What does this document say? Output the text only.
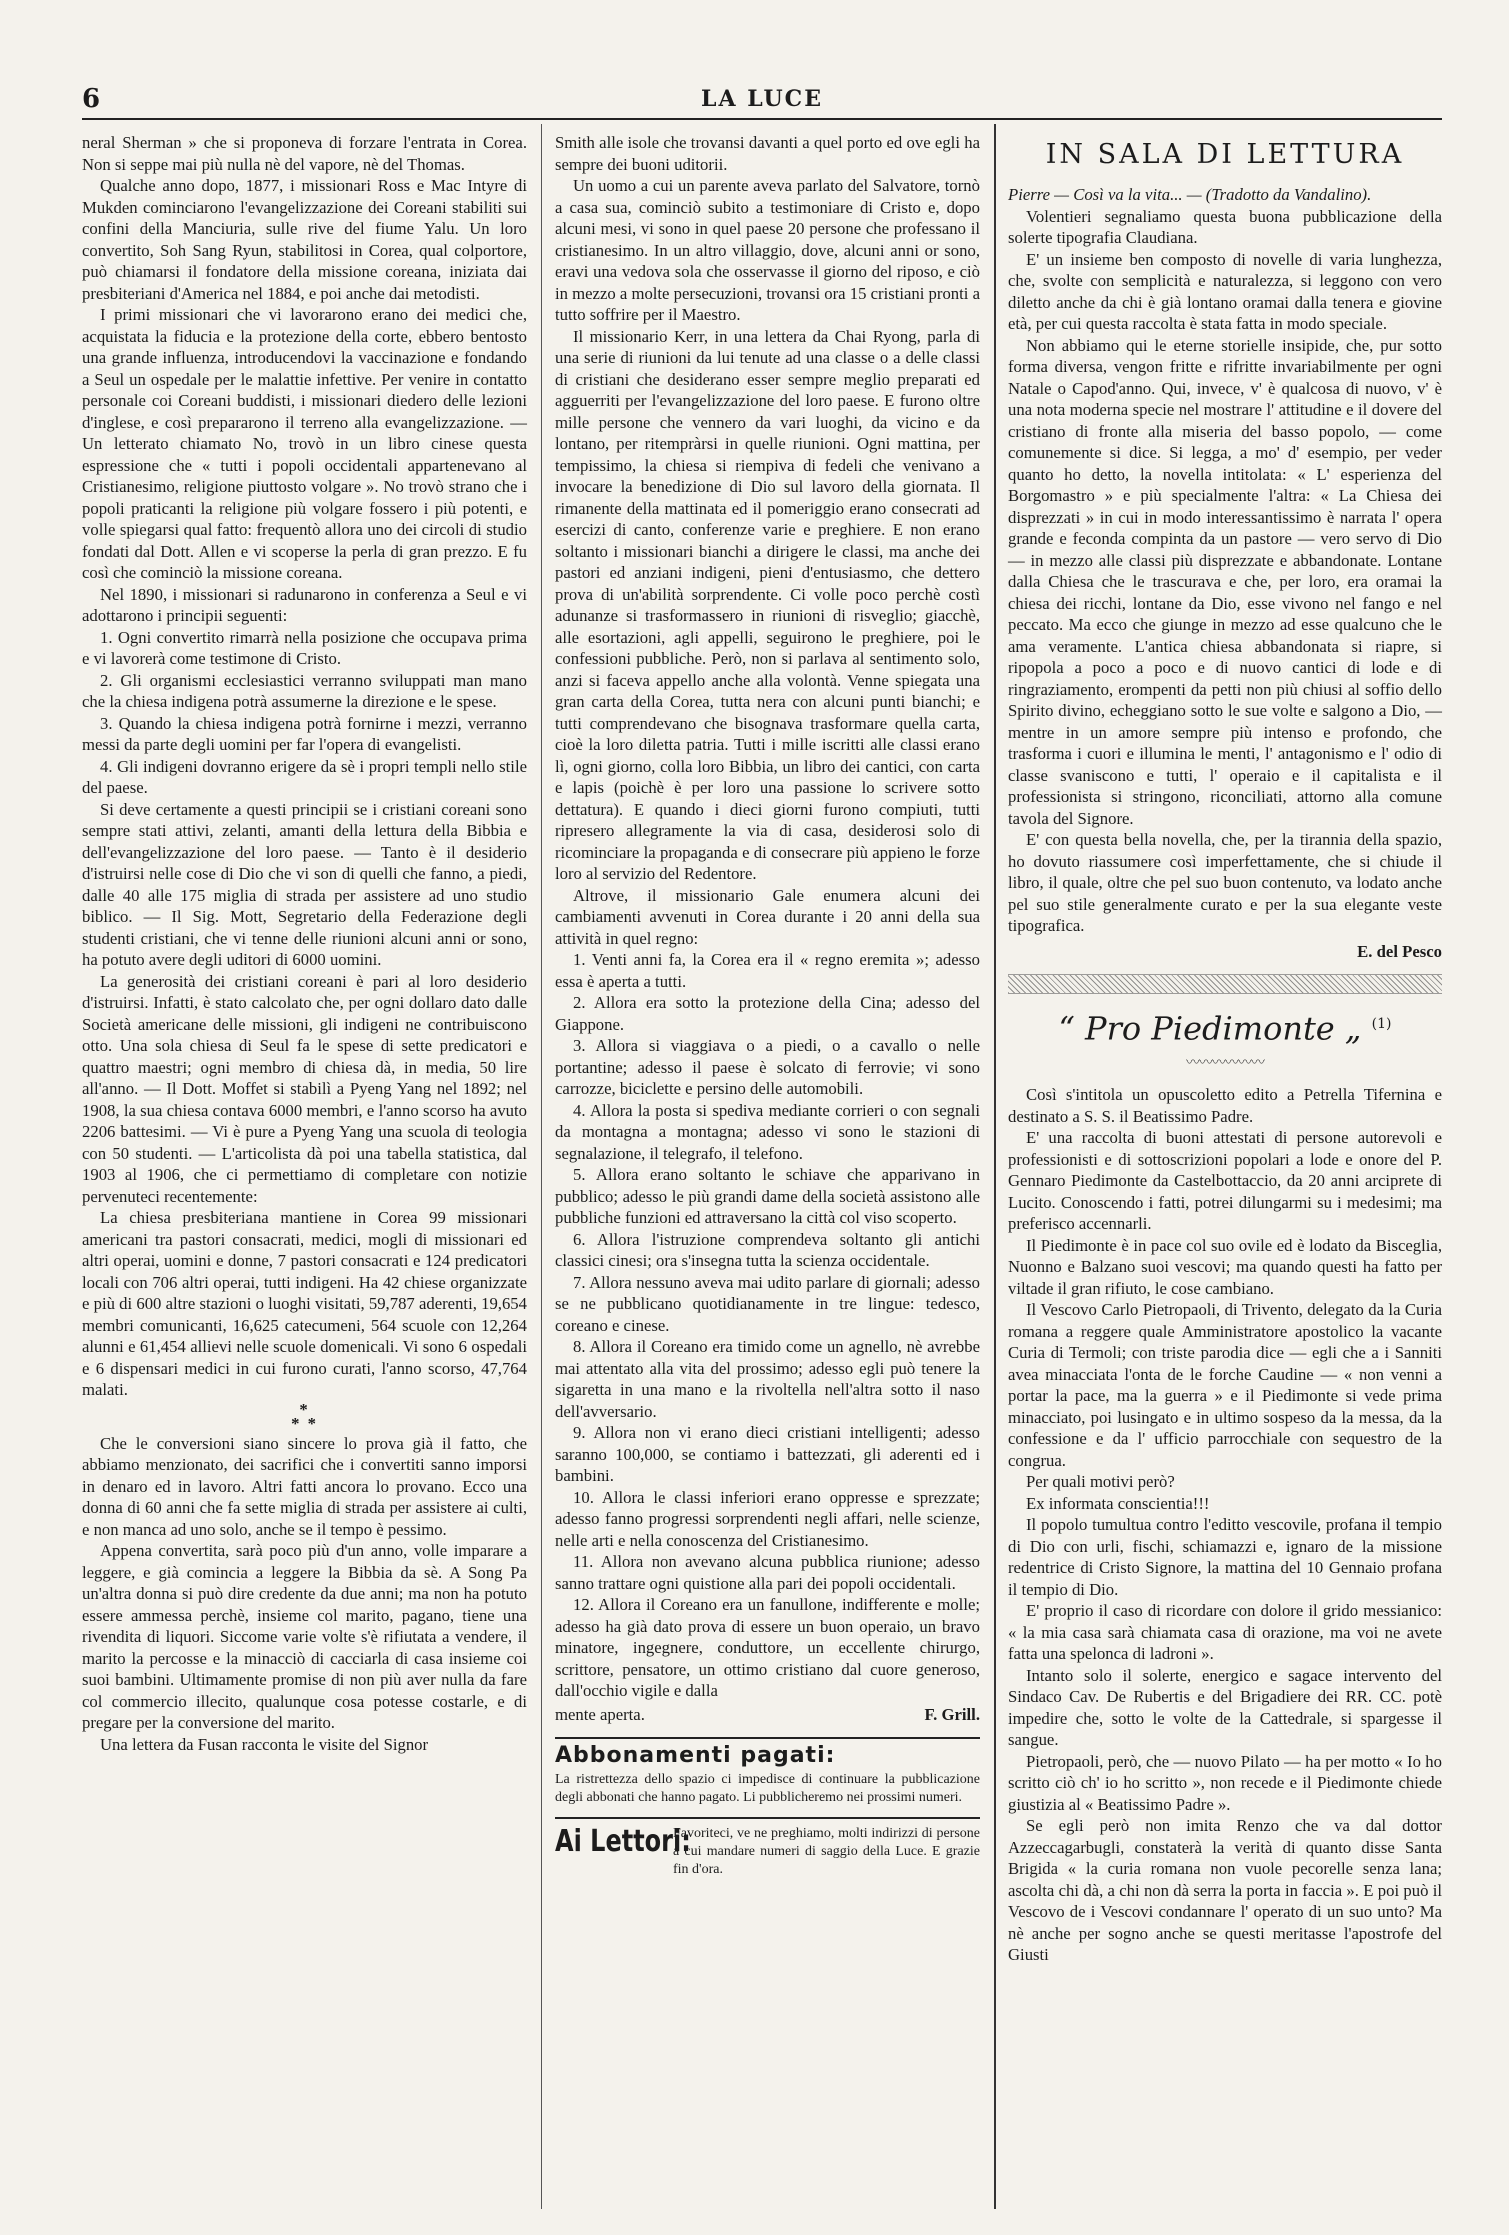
6	LA LUCE

neral Sherman » che si proponeva di forzare l'entrata in Corea. Non si seppe mai più nulla nè del vapore, nè del Thomas.

Qualche anno dopo, 1877, i missionari Ross e Mac Intyre di Mukden cominciarono l'evangelizzazione dei Coreani stabiliti sui confini della Manciuria, sulle rive del fiume Yalu. Un loro convertito, Soh Sang Ryun, stabilitosi in Corea, qual colportore, può chiamarsi il fondatore della missione coreana, iniziata dai presbiteriani d'America nel 1884, e poi anche dai metodisti.

I primi missionari che vi lavorarono erano dei medici che, acquistata la fiducia e la protezione della corte, ebbero bentosto una grande influenza, introducendovi la vaccinazione e fondando a Seul un ospedale per le malattie infettive. Per venire in contatto personale coi Coreani buddisti, i missionari diedero delle lezioni d'inglese, e così prepararono il terreno alla evangelizzazione. — Un letterato chiamato No, trovò in un libro cinese questa espressione che « tutti i popoli occidentali appartenevano al Cristianesimo, religione piuttosto volgare ». No trovò strano che i popoli praticanti la religione più volgare fossero i più potenti, e volle spiegarsi qual fatto: frequentò allora uno dei circoli di studio fondati dal Dott. Allen e vi scoperse la perla di gran prezzo. E fu così che cominciò la missione coreana.

Nel 1890, i missionari si radunarono in conferenza a Seul e vi adottarono i principii seguenti:

1. Ogni convertito rimarrà nella posizione che occupava prima e vi lavorerà come testimone di Cristo.

2. Gli organismi ecclesiastici verranno sviluppati man mano che la chiesa indigena potrà assumerne la direzione e le spese.

3. Quando la chiesa indigena potrà fornirne i mezzi, verranno messi da parte degli uomini per far l'opera di evangelisti.

4. Gli indigeni dovranno erigere da sè i propri templi nello stile del paese.

Si deve certamente a questi principii se i cristiani coreani sono sempre stati attivi, zelanti, amanti della lettura della Bibbia e dell'evangelizzazione del loro paese. — Tanto è il desiderio d'istruirsi nelle cose di Dio che vi son di quelli che fanno, a piedi, dalle 40 alle 175 miglia di strada per assistere ad uno studio biblico. — Il Sig. Mott, Segretario della Federazione degli studenti cristiani, che vi tenne delle riunioni alcuni anni or sono, ha potuto avere degli uditori di 6000 uomini.

La generosità dei cristiani coreani è pari al loro desiderio d'istruirsi. Infatti, è stato calcolato che, per ogni dollaro dato dalle Società americane delle missioni, gli indigeni ne contribuiscono otto. Una sola chiesa di Seul fa le spese di sette predicatori e quattro maestri; ogni membro di chiesa dà, in media, 50 lire all'anno. — Il Dott. Moffet si stabilì a Pyeng Yang nel 1892; nel 1908, la sua chiesa contava 6000 membri, e l'anno scorso ha avuto 2206 battesimi. — Vi è pure a Pyeng Yang una scuola di teologia con 50 studenti. — L'articolista dà poi una tabella statistica, dal 1903 al 1906, che ci permettiamo di completare con notizie pervenuteci recentemente:

La chiesa presbiteriana mantiene in Corea 99 missionari americani tra pastori consacrati, medici, mogli di missionari ed altri operai, uomini e donne, 7 pastori consacrati e 124 predicatori locali con 706 altri operai, tutti indigeni. Ha 42 chiese organizzate e più di 600 altre stazioni o luoghi visitati, 59,787 aderenti, 19,654 membri comunicanti, 16,625 catecumeni, 564 scuole con 12,264 alunni e 61,454 allievi nelle scuole domenicali. Vi sono 6 ospedali e 6 dispensari medici in cui furono curati, l'anno scorso, 47,764 malati.

*
* *

Che le conversioni siano sincere lo prova già il fatto, che abbiamo menzionato, dei sacrifici che i convertiti sanno imporsi in denaro ed in lavoro. Altri fatti ancora lo provano. Ecco una donna di 60 anni che fa sette miglia di strada per assistere ai culti, e non manca ad uno solo, anche se il tempo è pessimo.

Appena convertita, sarà poco più d'un anno, volle imparare a leggere, e già comincia a leggere la Bibbia da sè. A Song Pa un'altra donna si può dire credente da due anni; ma non ha potuto essere ammessa perchè, insieme col marito, pagano, tiene una rivendita di liquori. Siccome varie volte s'è rifiutata a vendere, il marito la percosse e la minacciò di cacciarla di casa insieme coi suoi bambini. Ultimamente promise di non più aver nulla da fare col commercio illecito, qualunque cosa potesse costarle, e di pregare per la conversione del marito.

Una lettera da Fusan racconta le visite del Signor

Smith alle isole che trovansi davanti a quel porto ed ove egli ha sempre dei buoni uditorii.

Un uomo a cui un parente aveva parlato del Salvatore, tornò a casa sua, cominciò subito a testimoniare di Cristo e, dopo alcuni mesi, vi sono in quel paese 20 persone che professano il cristianesimo. In un altro villaggio, dove, alcuni anni or sono, eravi una vedova sola che osservasse il giorno del riposo, e ciò in mezzo a molte persecuzioni, trovansi ora 15 cristiani pronti a tutto soffrire per il Maestro.

Il missionario Kerr, in una lettera da Chai Ryong, parla di una serie di riunioni da lui tenute ad una classe o a delle classi di cristiani che desiderano esser sempre meglio preparati ed agguerriti per l'evangelizzazione del loro paese. E furono oltre mille persone che vennero da vari luoghi, da vicino e da lontano, per ritempràrsi in quelle riunioni. Ogni mattina, per tempissimo, la chiesa si riempiva di fedeli che venivano a invocare la benedizione di Dio sul lavoro della giornata. Il rimanente della mattinata ed il pomeriggio erano consecrati ad esercizi di canto, conferenze varie e preghiere. E non erano soltanto i missionari bianchi a dirigere le classi, ma anche dei pastori ed anziani indigeni, pieni d'entusiasmo, che dettero prova di un'abilità sorprendente. Ci volle poco perchè costì adunanze si trasformassero in riunioni di risveglio; giacchè, alle esortazioni, agli appelli, seguirono le preghiere, poi le confessioni pubbliche. Però, non si parlava al sentimento solo, anzi si faceva appello anche alla volontà. Venne spiegata una gran carta della Corea, tutta nera con alcuni punti bianchi; e tutti comprendevano che bisognava trasformare quella carta, cioè la loro diletta patria. Tutti i mille iscritti alle classi erano lì, ogni giorno, colla loro Bibbia, un libro dei cantici, con carta e lapis (poichè è per loro una passione lo scrivere sotto dettatura). E quando i dieci giorni furono compiuti, tutti ripresero allegramente la via di casa, desiderosi solo di ricominciare la propaganda e di consecrare più appieno le forze loro al servizio del Redentore.

Altrove, il missionario Gale enumera alcuni dei cambiamenti avvenuti in Corea durante i 20 anni della sua attività in quel regno:

1. Venti anni fa, la Corea era il « regno eremita »; adesso essa è aperta a tutti.

2. Allora era sotto la protezione della Cina; adesso del Giappone.

3. Allora si viaggiava o a piedi, o a cavallo o nelle portantine; adesso il paese è solcato di ferrovie; vi sono carrozze, biciclette e persino delle automobili.

4. Allora la posta si spediva mediante corrieri o con segnali da montagna a montagna; adesso vi sono le stazioni di segnalazione, il telegrafo, il telefono.

5. Allora erano soltanto le schiave che apparivano in pubblico; adesso le più grandi dame della società assistono alle pubbliche funzioni ed attraversano la città col viso scoperto.

6. Allora l'istruzione comprendeva soltanto gli antichi classici cinesi; ora s'insegna tutta la scienza occidentale.

7. Allora nessuno aveva mai udito parlare di giornali; adesso se ne pubblicano quotidianamente in tre lingue: tedesco, coreano e cinese.

8. Allora il Coreano era timido come un agnello, nè avrebbe mai attentato alla vita del prossimo; adesso egli può tenere la sigaretta in una mano e la rivoltella nell'altra sotto il naso dell'avversario.

9. Allora non vi erano dieci cristiani intelligenti; adesso saranno 100,000, se contiamo i battezzati, gli aderenti ed i bambini.

10. Allora le classi inferiori erano oppresse e sprezzate; adesso fanno progressi sorprendenti negli affari, nelle scienze, nelle arti e nella conoscenza del Cristianesimo.

11. Allora non avevano alcuna pubblica riunione; adesso sanno trattare ogni quistione alla pari dei popoli occidentali.

12. Allora il Coreano era un fanullone, indifferente e molle; adesso ha già dato prova di essere un buon operaio, un bravo minatore, ingegnere, conduttore, un eccellente chirurgo, scrittore, pensatore, un ottimo cristiano dal cuore generoso, dall'occhio vigile e dalla

mente aperta.	F. Grill.
Abbonamenti pagati:

La ristrettezza dello spazio ci impedisce di continuare la pubblicazione degli abbonati che hanno pagato. Li pubblicheremo nei prossimi numeri.

Ai Lettori:

Favoriteci, ve ne preghiamo, molti indirizzi di persone a cui mandare numeri di saggio della Luce. E grazie fin d'ora.

IN SALA DI LETTURA

Pierre — Così va la vita... — (Tradotto da Vandalino).

Volentieri segnaliamo questa buona pubblicazione della solerte tipografia Claudiana.

E' un insieme ben composto di novelle di varia lunghezza, che, svolte con semplicità e naturalezza, si leggono con vero diletto anche da chi è già lontano oramai dalla tenera e giovine età, per cui questa raccolta è stata fatta in modo speciale.

Non abbiamo qui le eterne storielle insipide, che, pur sotto forma diversa, vengon fritte e rifritte invariabilmente per ogni Natale o Capod'anno. Qui, invece, v' è qualcosa di nuovo, v' è una nota moderna specie nel mostrare l' attitudine e il dovere del cristiano di fronte alla miseria del basso popolo, — come comunemente si dice. Si legga, a mo' d' esempio, per veder quanto ho detto, la novella intitolata: « L' esperienza del Borgomastro » e più specialmente l'altra: « La Chiesa dei disprezzati » in cui in modo interessantissimo è narrata l' opera grande e feconda compinta da un pastore — vero servo di Dio — in mezzo alle classi più disprezzate e abbandonate. Lontane dalla Chiesa che le trascurava e che, per loro, era oramai la chiesa dei ricchi, lontane da Dio, esse vivono nel fango e nel peccato. Ma ecco che giunge in mezzo ad esse qualcuno che le ama veramente. L'antica chiesa abbandonata si riapre, si ripopola a poco a poco e di nuovo cantici di lode e di ringraziamento, erompenti da petti non più chiusi al soffio dello Spirito divino, echeggiano sotto le sue volte e salgono a Dio, — mentre in un amore sempre più intenso e profondo, che trasforma i cuori e illumina le menti, l' antagonismo e l' odio di classe svaniscono e tutti, l' operaio e il capitalista e il professionista si stringono, riconciliati, attorno alla comune tavola del Signore.

E' con questa bella novella, che, per la tirannia della spazio, ho dovuto riassumere così imperfettamente, che si chiude il libro, il quale, oltre che pel suo buon contenuto, va lodato anche pel suo stile generalmente curato e per la sua elegante veste tipografica.

E. del Pesco
“ Pro Piedimonte „ $^{(1)}$
〰〰〰〰〰〰

Così s'intitola un opuscoletto edito a Petrella Tifernina e destinato a S. S. il Beatissimo Padre.

E' una raccolta di buoni attestati di persone autorevoli e professionisti e di sottoscrizioni popolari a lode e onore del P. Gennaro Piedimonte da Castelbottaccio, da 20 anni arciprete di Lucito. Conoscendo i fatti, potrei dilungarmi su i medesimi; ma preferisco accennarli.

Il Piedimonte è in pace col suo ovile ed è lodato da Bisceglia, Nuonno e Balzano suoi vescovi; ma quando questi ha fatto per viltade il gran rifiuto, le cose cambiano.

Il Vescovo Carlo Pietropaoli, di Trivento, delegato da la Curia romana a reggere quale Amministratore apostolico la vacante Curia di Termoli; con triste parodia dice — egli che a i Sanniti avea minacciata l'onta de le forche Caudine — « non venni a portar la pace, ma la guerra » e il Piedimonte si vede prima minacciato, poi lusingato e in ultimo sospeso da la messa, da la confessione e da l' ufficio parrocchiale con sequestro de la congrua.

Per quali motivi però?

Ex informata conscientia!!!

Il popolo tumultua contro l'editto vescovile, profana il tempio di Dio con urli, fischi, schiamazzi e, ignaro de la missione redentrice di Cristo Signore, la mattina del 10 Gennaio profana il tempio di Dio.

E' proprio il caso di ricordare con dolore il grido messianico: « la mia casa sarà chiamata casa di orazione, ma voi ne avete fatta una spelonca di ladroni ».

Intanto solo il solerte, energico e sagace intervento del Sindaco Cav. De Rubertis e del Brigadiere dei RR. CC. potè impedire che, sotto le volte de la Cattedrale, si spargesse il sangue.

Pietropaoli, però, che — nuovo Pilato — ha per motto « Io ho scritto ciò ch' io ho scritto », non recede e il Piedimonte chiede giustizia al « Beatissimo Padre ».

Se egli però non imita Renzo che va dal dottor Azzeccagarbugli, constaterà la verità di quanto disse Santa Brigida « la curia romana non vuole pecorelle senza lana; ascolta chi dà, a chi non dà serra la porta in faccia ». E poi può il Vescovo de i Vescovi condannare l' operato di un suo unto? Ma nè anche per sogno anche se questi meritasse l'apostrofe del Giusti
